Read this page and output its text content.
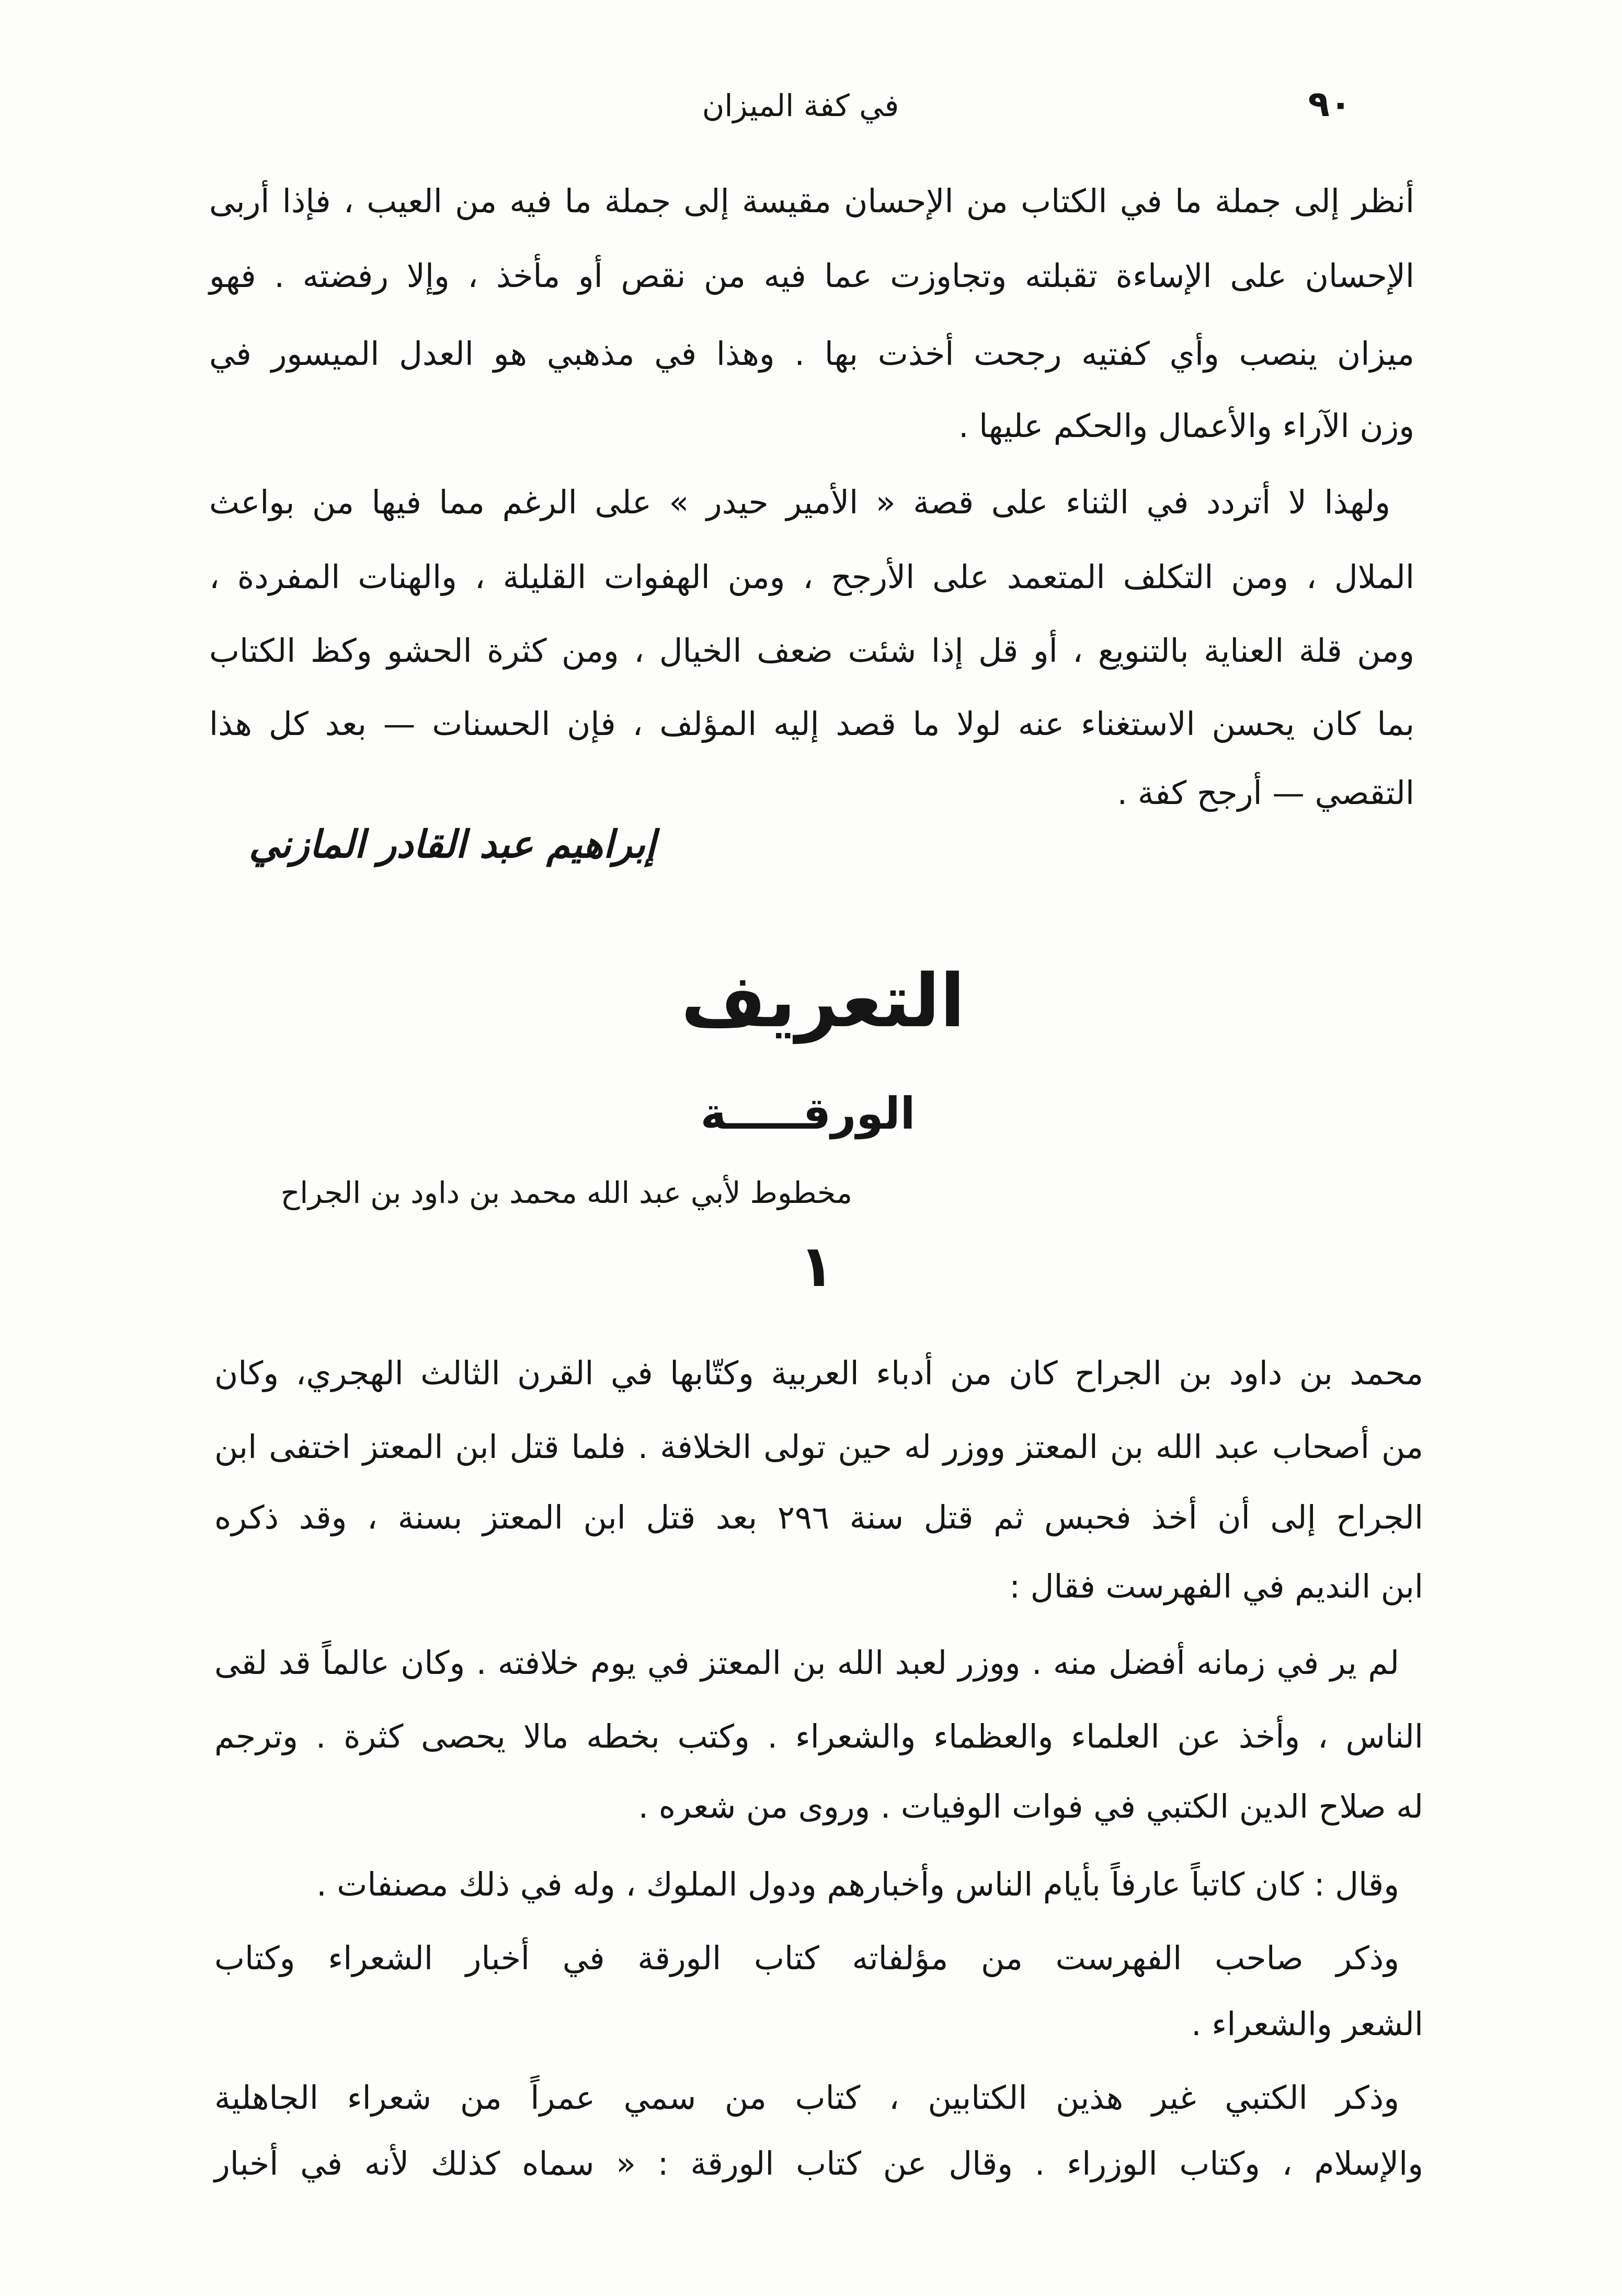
في كفة الميزان	٩٠
أنظر إلى جملة ما في الكتاب من الإحسان مقيسة إلى جملة ما فيه من العيب ، فإذا أربى
الإحسان على الإساءة تقبلته وتجاوزت عما فيه من نقص أو مأخذ ، وإلا رفضته . فهو
ميزان ينصب وأي كفتيه رجحت أخذت بها . وهذا في مذهبي هو العدل الميسور في
وزن الآراء والأعمال والحكم عليها .
ولهذا لا أتردد في الثناء على قصة « الأمير حيدر » على الرغم مما فيها من بواعث
الملال ، ومن التكلف المتعمد على الأرجح ، ومن الهفوات القليلة ، والهنات المفردة ،
ومن قلة العناية بالتنويع ، أو قل إذا شئت ضعف الخيال ، ومن كثرة الحشو وكظ الكتاب
بما كان يحسن الاستغناء عنه لولا ما قصد إليه المؤلف ، فإن الحسنات — بعد كل هذا
التقصي — أرجح كفة .
إبراهيم عبد القادر المازني
التعريف
الورقـــــة
مخطوط لأبي عبد الله محمد بن داود بن الجراح
١
محمد بن داود بن الجراح كان من أدباء العربية وكتّابها في القرن الثالث الهجري، وكان
من أصحاب عبد الله بن المعتز ووزر له حين تولى الخلافة . فلما قتل ابن المعتز اختفى ابن
الجراح إلى أن أخذ فحبس ثم قتل سنة ٢٩٦ بعد قتل ابن المعتز بسنة ، وقد ذكره
ابن النديم في الفهرست فقال :
لم ير في زمانه أفضل منه . ووزر لعبد الله بن المعتز في يوم خلافته . وكان عالماً قد لقى
الناس ، وأخذ عن العلماء والعظماء والشعراء . وكتب بخطه مالا يحصى كثرة . وترجم
له صلاح الدين الكتبي في فوات الوفيات . وروى من شعره .
وقال : كان كاتباً عارفاً بأيام الناس وأخبارهم ودول الملوك ، وله في ذلك مصنفات .
وذكر صاحب الفهرست من مؤلفاته كتاب الورقة في أخبار الشعراء وكتاب
الشعر والشعراء .
وذكر الكتبي غير هذين الكتابين ، كتاب من سمي عمراً من شعراء الجاهلية
والإسلام ، وكتاب الوزراء . وقال عن كتاب الورقة : « سماه كذلك لأنه في أخبار
